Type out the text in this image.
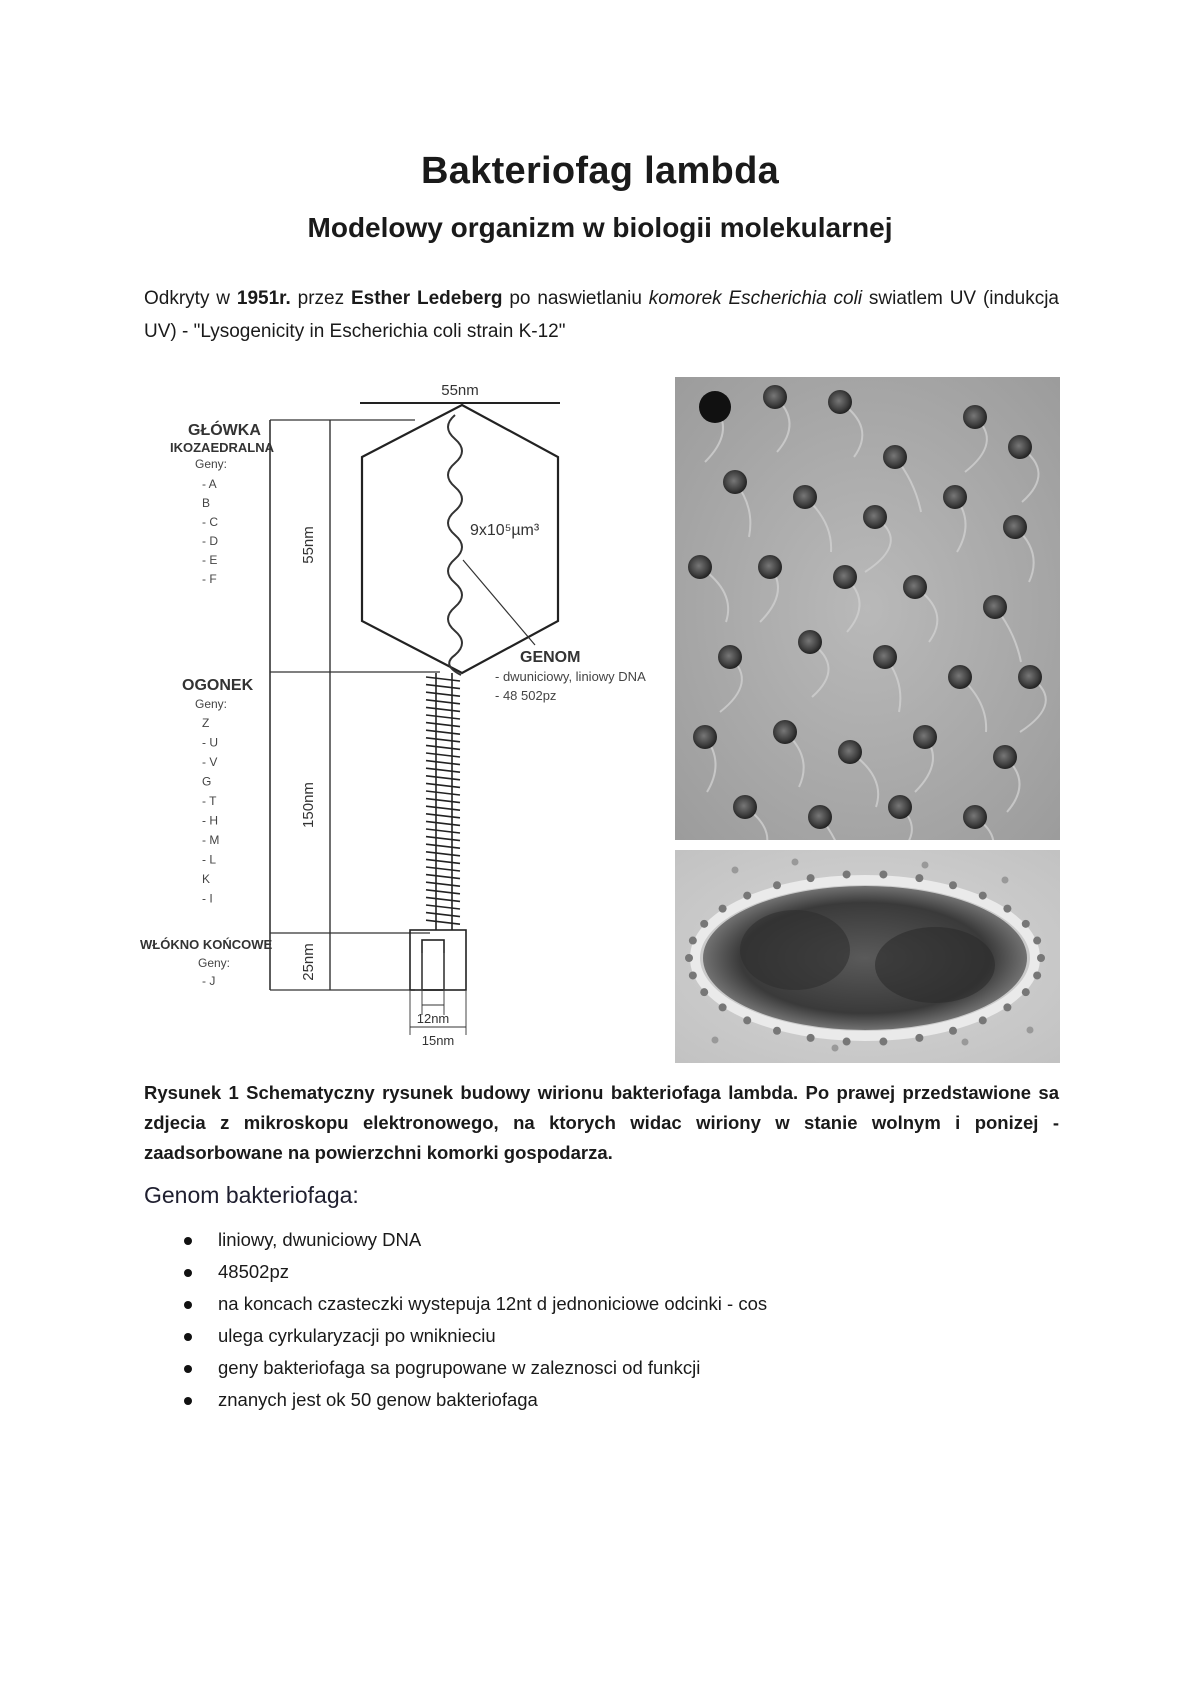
Bakteriofag lambda
Modelowy organizm w biologii molekularnej
Odkryty w 1951r. przez Esther Ledeberg po naswietlaniu komorek Escherichia coli swiatlem UV (indukcja UV) - "Lysogenicity in Escherichia coli strain K-12"
55nm
55nm
150nm
25nm
9x10⁵µm³
12nm
15nm
GENOM
- dwuniciowy, liniowy DNA
- 48 502pz
GŁÓWKA
IKOZAEDRALNA
Geny:
- A
B
- C
- D
- E
- F
OGONEK
Geny:
Z
- U
- V
G
- T
- H
- M
- L
K
- I
WŁÓKNO KOŃCOWE
Geny:
- J
Rysunek 1 Schematyczny rysunek budowy wirionu bakteriofaga lambda. Po prawej przedstawione sa zdjecia z mikroskopu elektronowego, na ktorych widac wiriony w stanie wolnym i ponizej - zaadsorbowane na powierzchni komorki gospodarza.
Genom bakteriofaga:
liniowy, dwuniciowy DNA
48502pz
na koncach czasteczki wystepuja 12nt d jednoniciowe odcinki - cos
ulega cyrkularyzacji po wniknieciu
geny bakteriofaga sa pogrupowane w zaleznosci od funkcji
znanych jest ok 50 genow bakteriofaga
